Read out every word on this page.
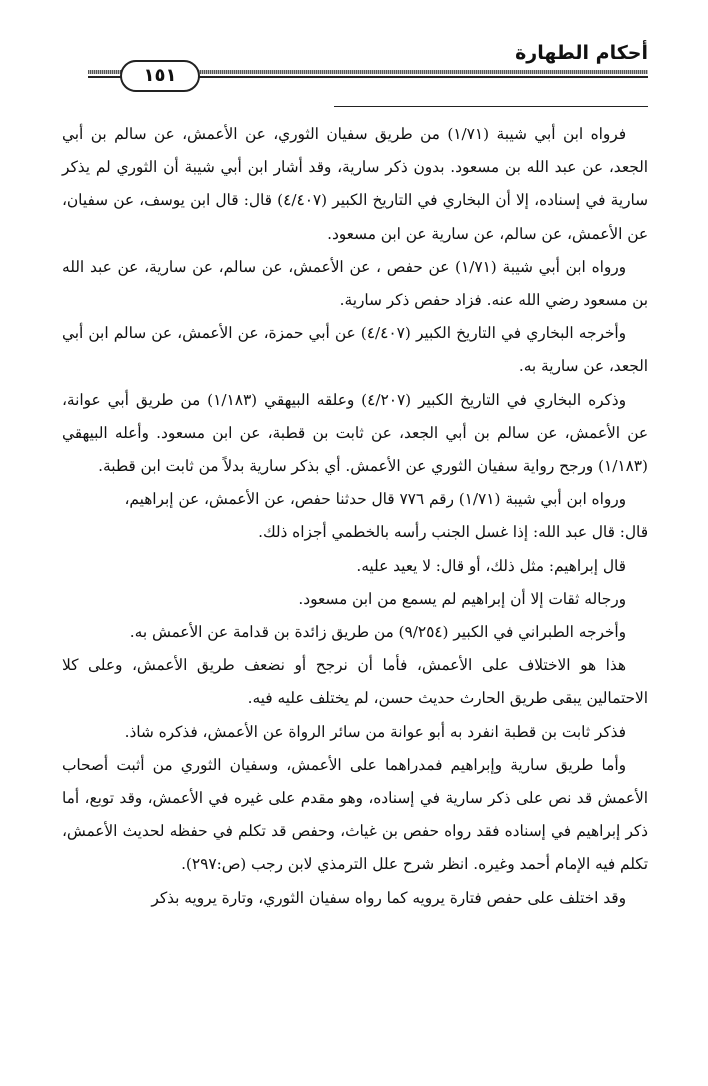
أحكام الطهارة
١٥١

فرواه ابن أبي شيبة (١/٧١) من طريق سفيان الثوري، عن الأعمش، عن سالم بن أبي الجعد، عن عبد الله بن مسعود. بدون ذكر سارية، وقد أشار ابن أبي شيبة أن الثوري لم يذكر سارية في إسناده، إلا أن البخاري في التاريخ الكبير (٤/٤٠٧) قال: قال ابن يوسف، عن سفيان، عن الأعمش، عن سالم، عن سارية عن ابن مسعود.

ورواه ابن أبي شيبة (١/٧١) عن حفص ، عن الأعمش، عن سالم، عن سارية، عن عبد الله بن مسعود رضي الله عنه. فزاد حفص ذكر سارية.

وأخرجه البخاري في التاريخ الكبير (٤/٤٠٧) عن أبي حمزة، عن الأعمش، عن سالم ابن أبي الجعد، عن سارية به.

وذكره البخاري في التاريخ الكبير (٤/٢٠٧) وعلقه البيهقي (١/١٨٣) من طريق أبي عوانة، عن الأعمش، عن سالم بن أبي الجعد، عن ثابت بن قطبة، عن ابن مسعود. وأعله البيهقي (١/١٨٣) ورجح رواية سفيان الثوري عن الأعمش. أي بذكر سارية بدلاً من ثابت ابن قطبة.

ورواه ابن أبي شيبة (١/٧١) رقم ٧٧٦ قال حدثنا حفص، عن الأعمش، عن إبراهيم،

قال: قال عبد الله: إذا غسل الجنب رأسه بالخطمي أجزاه ذلك.

قال إبراهيم: مثل ذلك، أو قال: لا يعيد عليه.

ورجاله ثقات إلا أن إبراهيم لم يسمع من ابن مسعود.

وأخرجه الطبراني في الكبير (٩/٢٥٤) من طريق زائدة بن قدامة عن الأعمش به.

هذا هو الاختلاف على الأعمش، فأما أن نرجح أو نضعف طريق الأعمش، وعلى كلا الاحتمالين يبقى طريق الحارث حديث حسن، لم يختلف عليه فيه.

فذكر ثابت بن قطبة انفرد به أبو عوانة من سائر الرواة عن الأعمش، فذكره شاذ.

وأما طريق سارية وإبراهيم فمدراهما على الأعمش، وسفيان الثوري من أثبت أصحاب الأعمش قد نص على ذكر سارية في إسناده، وهو مقدم على غيره في الأعمش، وقد توبع، أما ذكر إبراهيم في إسناده فقد رواه حفص بن غياث، وحفص قد تكلم في حفظه لحديث الأعمش، تكلم فيه الإمام أحمد وغيره. انظر شرح علل الترمذي لابن رجب (ص:٢٩٧).

وقد اختلف على حفص فتارة يرويه كما رواه سفيان الثوري، وتارة يرويه بذكر
